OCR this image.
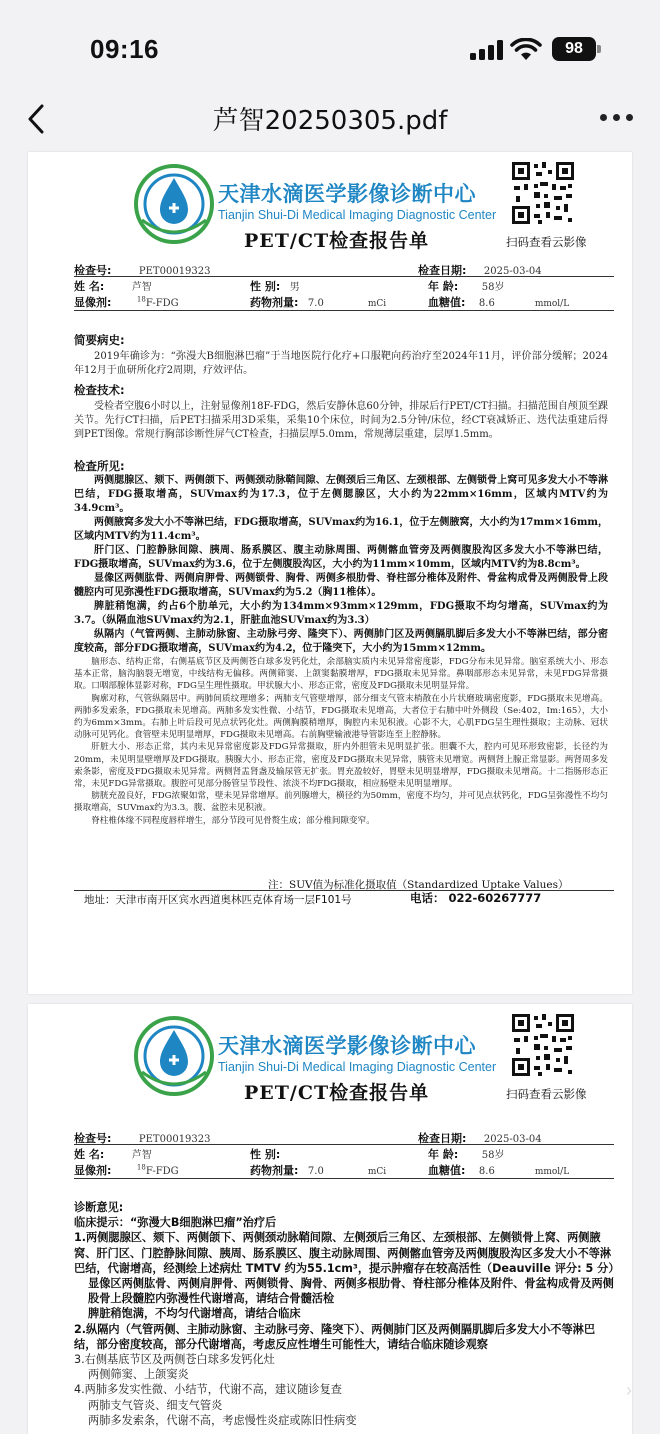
09:16	98
芦智20250305.pdf
天津水滴医学影像诊断中心
Tianjin Shui-Di Medical Imaging Diagnostic Center
PET/CT检查报告单	扫码查看云影像
检查号:	PET00019323	检查日期: 2025-03-04
姓 名:	芦智	性 别: 男	年 龄: 58岁
显像剂:	$^{18}$F-FDG	药物剂量: 7.0	mCi	血糖值: 8.6	mmol/L
简要病史:
2019年确诊为：“弥漫大B细胞淋巴瘤”于当地医院行化疗+口服靶向药治疗至2024年11月，评价部分缓解；2024年12月于血研所化疗2周期，疗效评估。
检查技术:
受检者空腹6小时以上，注射显像剂18F-FDG，然后安静休息60分钟，排尿后行PET/CT扫描。扫描范围自颅顶至踝关节。先行CT扫描，后PET扫描采用3D采集，采集10个床位，时间为2.5分钟/床位，经CT衰减矫正、迭代法重建后得到PET图像。常规行胸部诊断性屏气CT检查，扫描层厚5.0mm，常规薄层重建，层厚1.5mm。
检查所见:
两侧腮腺区、颏下、两侧颌下、两侧颈动脉鞘间隙、左侧颈后三角区、左颈根部、左侧锁骨上窝可见多发大小不等淋巴结，FDG摄取增高，SUVmax约为17.3，位于左侧腮腺区，大小约为22mm×16mm，区域内MTV约为34.9cm³。
两侧腋窝多发大小不等淋巴结，FDG摄取增高，SUVmax约为16.1，位于左侧腋窝，大小约为17mm×16mm，区域内MTV约为11.4cm³。
肝门区、门腔静脉间隙、胰周、肠系膜区、腹主动脉周围、两侧髂血管旁及两侧腹股沟区多发大小不等淋巴结，FDG摄取增高，SUVmax约为3.6，位于左侧腹股沟区，大小约为11mm×10mm，区域内MTV约为8.8cm³。
显像区两侧肱骨、两侧肩胛骨、两侧锁骨、胸骨、两侧多根肋骨、脊柱部分椎体及附件、骨盆构成骨及两侧股骨上段髓腔内可见弥漫性FDG摄取增高，SUVmax约为5.2（胸11椎体）。
脾脏稍饱满，约占6个肋单元，大小约为134mm×93mm×129mm，FDG摄取不均匀增高，SUVmax约为3.7。（纵隔血池SUVmax约为2.1，肝脏血池SUVmax约为3.3）
纵隔内（气管两侧、主肺动脉窗、主动脉弓旁、隆突下）、两侧肺门区及两侧膈肌脚后多发大小不等淋巴结，部分密度较高，部分FDG摄取增高，SUVmax约为4.2，位于隆突下，大小约为15mm×12mm。
脑形态、结构正常，右侧基底节区及两侧苍白球多发钙化灶，余部脑实质内未见异常密度影，FDG分布未见异常。脑室系统大小、形态基本正常，脑沟脑裂无增宽，中线结构无偏移。两侧筛窦、上颌窦黏膜增厚，FDG摄取未见异常。鼻咽部形态未见异常，未见FDG异常摄取。口咽部腺体显影对称，FDG呈生理性摄取。甲状腺大小、形态正常，密度及FDG摄取未见明显异常。
胸廓对称，气管纵隔居中。两肺间质纹理增多；两肺支气管壁增厚，部分细支气管末梢散在小片状磨玻璃密度影，FDG摄取未见增高。两肺多发索条，FDG摄取未见增高。两肺多发实性微、小结节，FDG摄取未见增高，大者位于右肺中叶外侧段（Se:402，Im:165），大小约为6mm×3mm。右肺上叶后段可见点状钙化灶。两侧胸膜稍增厚，胸腔内未见积液。心影不大，心肌FDG呈生理性摄取；主动脉、冠状动脉可见钙化。食管壁未见明显增厚，FDG摄取未见增高。右前胸壁输液港导管影连至上腔静脉。
肝脏大小、形态正常，其内未见异常密度影及FDG异常摄取，肝内外胆管未见明显扩张。胆囊不大，腔内可见环形致密影，长径约为20mm，未见明显壁增厚及FDG摄取。胰腺大小、形态正常，密度及FDG摄取未见异常，胰管未见增宽。两侧肾上腺正常显影。两肾周多发索条影，密度及FDG摄取未见异常。两侧肾盂肾盏及输尿管无扩张。胃充盈较好，胃壁未见明显增厚，FDG摄取未见增高。十二指肠形态正常，未见FDG异常摄取。腹腔可见部分肠管呈节段性、浓淡不均FDG摄取，相应肠壁未见明显增厚。
膀胱充盈良好，FDG浓聚如常，壁未见异常增厚。前列腺增大，横径约为50mm，密度不均匀，并可见点状钙化，FDG呈弥漫性不均匀摄取增高，SUVmax约为3.3。腹、盆腔未见积液。
脊柱椎体缘不同程度唇样增生，部分节段可见骨赘生成；部分椎间隙变窄。
注：SUV值为标准化摄取值（Standardized Uptake Values）
地址：天津市南开区宾水西道奥林匹克体育场一层F101号	电话： 022-60267777
天津水滴医学影像诊断中心
Tianjin Shui-Di Medical Imaging Diagnostic Center
PET/CT检查报告单	扫码查看云影像
检查号:	PET00019323	检查日期: 2025-03-04
姓 名:	芦智	性 别:	年 龄: 58岁
显像剂:	$^{18}$F-FDG	药物剂量: 7.0	mCi	血糖值: 8.6	mmol/L
诊断意见:
临床提示：“弥漫大B细胞淋巴瘤”治疗后
1.两侧腮腺区、颏下、两侧颌下、两侧颈动脉鞘间隙、左侧颈后三角区、左颈根部、左侧锁骨上窝、两侧腋窝、肝门区、门腔静脉间隙、胰周、肠系膜区、腹主动脉周围、两侧髂血管旁及两侧腹股沟区多发大小不等淋巴结，代谢增高，经测绘上述病灶 TMTV 约为55.1cm³，提示肿瘤存在较高活性（Deauville 评分: 5 分）
显像区两侧肱骨、两侧肩胛骨、两侧锁骨、胸骨、两侧多根肋骨、脊柱部分椎体及附件、骨盆构成骨及两侧股骨上段髓腔内弥漫性代谢增高，请结合骨髓活检
脾脏稍饱满，不均匀代谢增高，请结合临床
2.纵隔内（气管两侧、主肺动脉窗、主动脉弓旁、隆突下）、两侧肺门区及两侧膈肌脚后多发大小不等淋巴结，部分密度较高，部分代谢增高，考虑反应性增生可能性大，请结合临床随诊观察
3.右侧基底节区及两侧苍白球多发钙化灶
两侧筛窦、上颌窦炎
4.两肺多发实性微、小结节，代谢不高，建议随诊复查
两肺支气管炎、细支气管炎
两肺多发索条，代谢不高，考虑慢性炎症或陈旧性病变
›
